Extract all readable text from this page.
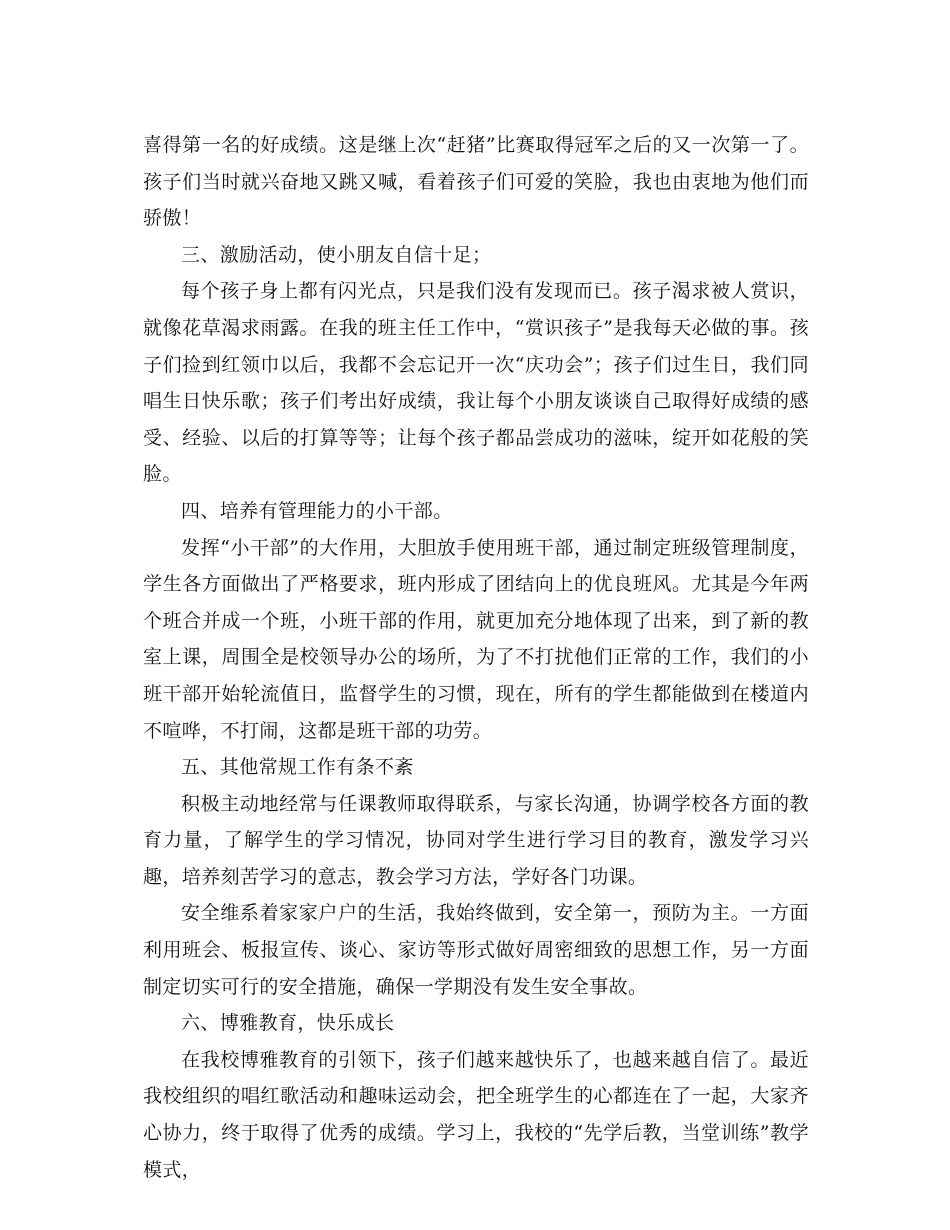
喜得第一名的好成绩。这是继上次“赶猪”比赛取得冠军之后的又一次第一了。孩子们当时就兴奋地又跳又喊，看着孩子们可爱的笑脸，我也由衷地为他们而骄傲！

三、激励活动，使小朋友自信十足；

每个孩子身上都有闪光点，只是我们没有发现而已。孩子渴求被人赏识，就像花草渴求雨露。在我的班主任工作中，“赏识孩子”是我每天必做的事。孩子们捡到红领巾以后，我都不会忘记开一次“庆功会”；孩子们过生日，我们同唱生日快乐歌；孩子们考出好成绩，我让每个小朋友谈谈自己取得好成绩的感受、经验、以后的打算等等；让每个孩子都品尝成功的滋味，绽开如花般的笑脸。

四、培养有管理能力的小干部。

发挥“小干部”的大作用，大胆放手使用班干部，通过制定班级管理制度，学生各方面做出了严格要求，班内形成了团结向上的优良班风。尤其是今年两个班合并成一个班，小班干部的作用，就更加充分地体现了出来，到了新的教室上课，周围全是校领导办公的场所，为了不打扰他们正常的工作，我们的小班干部开始轮流值日，监督学生的习惯，现在，所有的学生都能做到在楼道内不喧哗，不打闹，这都是班干部的功劳。

五、其他常规工作有条不紊

积极主动地经常与任课教师取得联系，与家长沟通，协调学校各方面的教育力量，了解学生的学习情况，协同对学生进行学习目的教育，激发学习兴趣，培养刻苦学习的意志，教会学习方法，学好各门功课。

安全维系着家家户户的生活，我始终做到，安全第一，预防为主。一方面利用班会、板报宣传、谈心、家访等形式做好周密细致的思想工作，另一方面制定切实可行的安全措施，确保一学期没有发生安全事故。

六、博雅教育，快乐成长

在我校博雅教育的引领下，孩子们越来越快乐了，也越来越自信了。最近我校组织的唱红歌活动和趣味运动会，把全班学生的心都连在了一起，大家齐心协力，终于取得了优秀的成绩。学习上，我校的“先学后教，当堂训练”教学模式，
